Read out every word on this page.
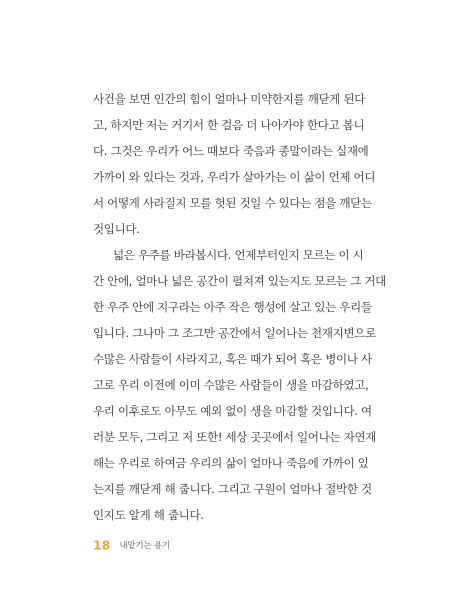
사건을 보면 인간의 힘이 얼마나 미약한지를 깨닫게 된다
고, 하지만 저는 거기서 한 걸음 더 나아가야 한다고 봅니
다. 그것은 우리가 어느 때보다 죽음과 종말이라는 실재에
가까이 와 있다는 것과, 우리가 살아가는 이 삶이 언제 어디
서 어떻게 사라질지 모를 헛된 것일 수 있다는 점을 깨닫는
것입니다.
넓은 우주를 바라봅시다. 언제부터인지 모르는 이 시
간 안에, 얼마나 넓은 공간이 펼쳐져 있는지도 모르는 그 거대
한 우주 안에 지구라는 아주 작은 행성에 살고 있는 우리들
입니다. 그나마 그 조그만 공간에서 일어나는 천재지변으로
수많은 사람들이 사라지고, 혹은 때가 되어 혹은 병이나 사
고로 우리 이전에 이미 수많은 사람들이 생을 마감하였고,
우리 이후로도 아무도 예외 없이 생을 마감할 것입니다. 여
러분 모두, 그리고 저 또한! 세상 곳곳에서 일어나는 자연재
해는 우리로 하여금 우리의 삶이 얼마나 죽음에 가까이 있
는지를 깨닫게 해 줍니다. 그리고 구원이 얼마나 절박한 것
인지도 알게 해 줍니다.
18 내맡기는 용기
